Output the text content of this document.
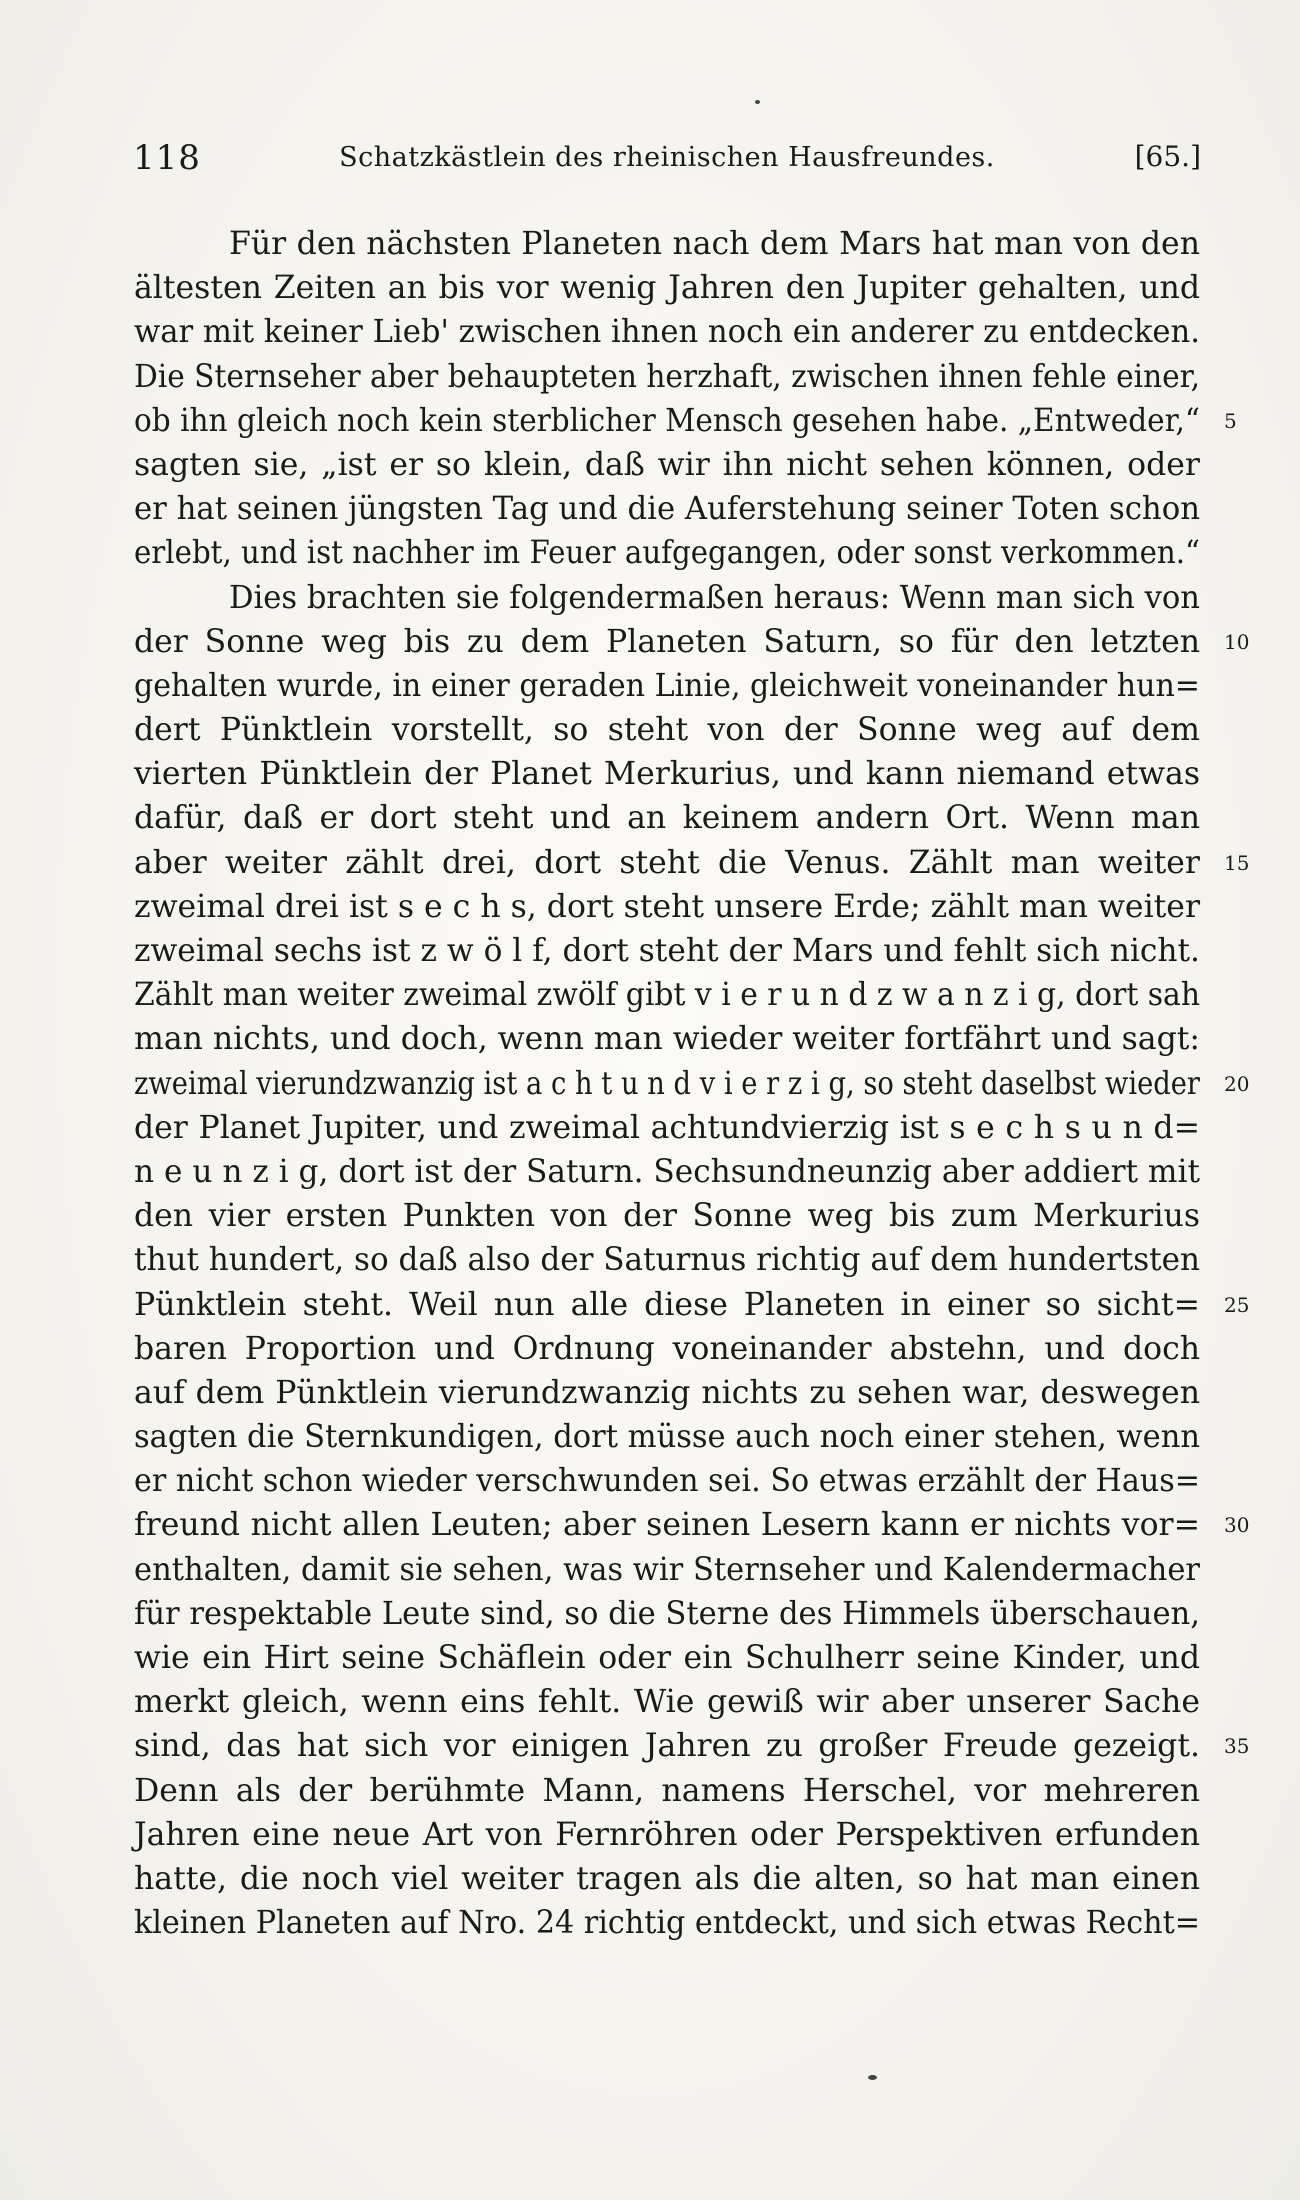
118	Schatzkästlein des rheinischen Hausfreundes.	[65.]
Für den nächsten Planeten nach dem Mars hat man von den
ältesten Zeiten an bis vor wenig Jahren den Jupiter gehalten, und
war mit keiner Lieb' zwischen ihnen noch ein anderer zu entdecken.
Die Sternseher aber behaupteten herzhaft, zwischen ihnen fehle einer,
ob ihn gleich noch kein sterblicher Mensch gesehen habe. „Entweder,“ 5
sagten sie, „ist er so klein, daß wir ihn nicht sehen können, oder
er hat seinen jüngsten Tag und die Auferstehung seiner Toten schon
erlebt, und ist nachher im Feuer aufgegangen, oder sonst verkommen.“
Dies brachten sie folgendermaßen heraus: Wenn man sich von
der Sonne weg bis zu dem Planeten Saturn, so für den letzten 10
gehalten wurde, in einer geraden Linie, gleichweit voneinander hun=
dert Pünktlein vorstellt, so steht von der Sonne weg auf dem
vierten Pünktlein der Planet Merkurius, und kann niemand etwas
dafür, daß er dort steht und an keinem andern Ort. Wenn man
aber weiter zählt drei, dort steht die Venus. Zählt man weiter 15
zweimal drei ist s e c h s, dort steht unsere Erde; zählt man weiter
zweimal sechs ist z w ö l f, dort steht der Mars und fehlt sich nicht.
Zählt man weiter zweimal zwölf gibt v i e r u n d z w a n z i g, dort sah
man nichts, und doch, wenn man wieder weiter fortfährt und sagt:
zweimal vierundzwanzig ist a c h t u n d v i e r z i g, so steht daselbst wieder 20
der Planet Jupiter, und zweimal achtundvierzig ist s e c h s u n d=
n e u n z i g, dort ist der Saturn. Sechsundneunzig aber addiert mit
den vier ersten Punkten von der Sonne weg bis zum Merkurius
thut hundert, so daß also der Saturnus richtig auf dem hundertsten
Pünktlein steht. Weil nun alle diese Planeten in einer so sicht= 25
baren Proportion und Ordnung voneinander abstehn, und doch
auf dem Pünktlein vierundzwanzig nichts zu sehen war, deswegen
sagten die Sternkundigen, dort müsse auch noch einer stehen, wenn
er nicht schon wieder verschwunden sei. So etwas erzählt der Haus=
freund nicht allen Leuten; aber seinen Lesern kann er nichts vor= 30
enthalten, damit sie sehen, was wir Sternseher und Kalendermacher
für respektable Leute sind, so die Sterne des Himmels überschauen,
wie ein Hirt seine Schäflein oder ein Schulherr seine Kinder, und
merkt gleich, wenn eins fehlt. Wie gewiß wir aber unserer Sache
sind, das hat sich vor einigen Jahren zu großer Freude gezeigt. 35
Denn als der berühmte Mann, namens Herschel, vor mehreren
Jahren eine neue Art von Fernröhren oder Perspektiven erfunden
hatte, die noch viel weiter tragen als die alten, so hat man einen
kleinen Planeten auf Nro. 24 richtig entdeckt, und sich etwas Recht=
